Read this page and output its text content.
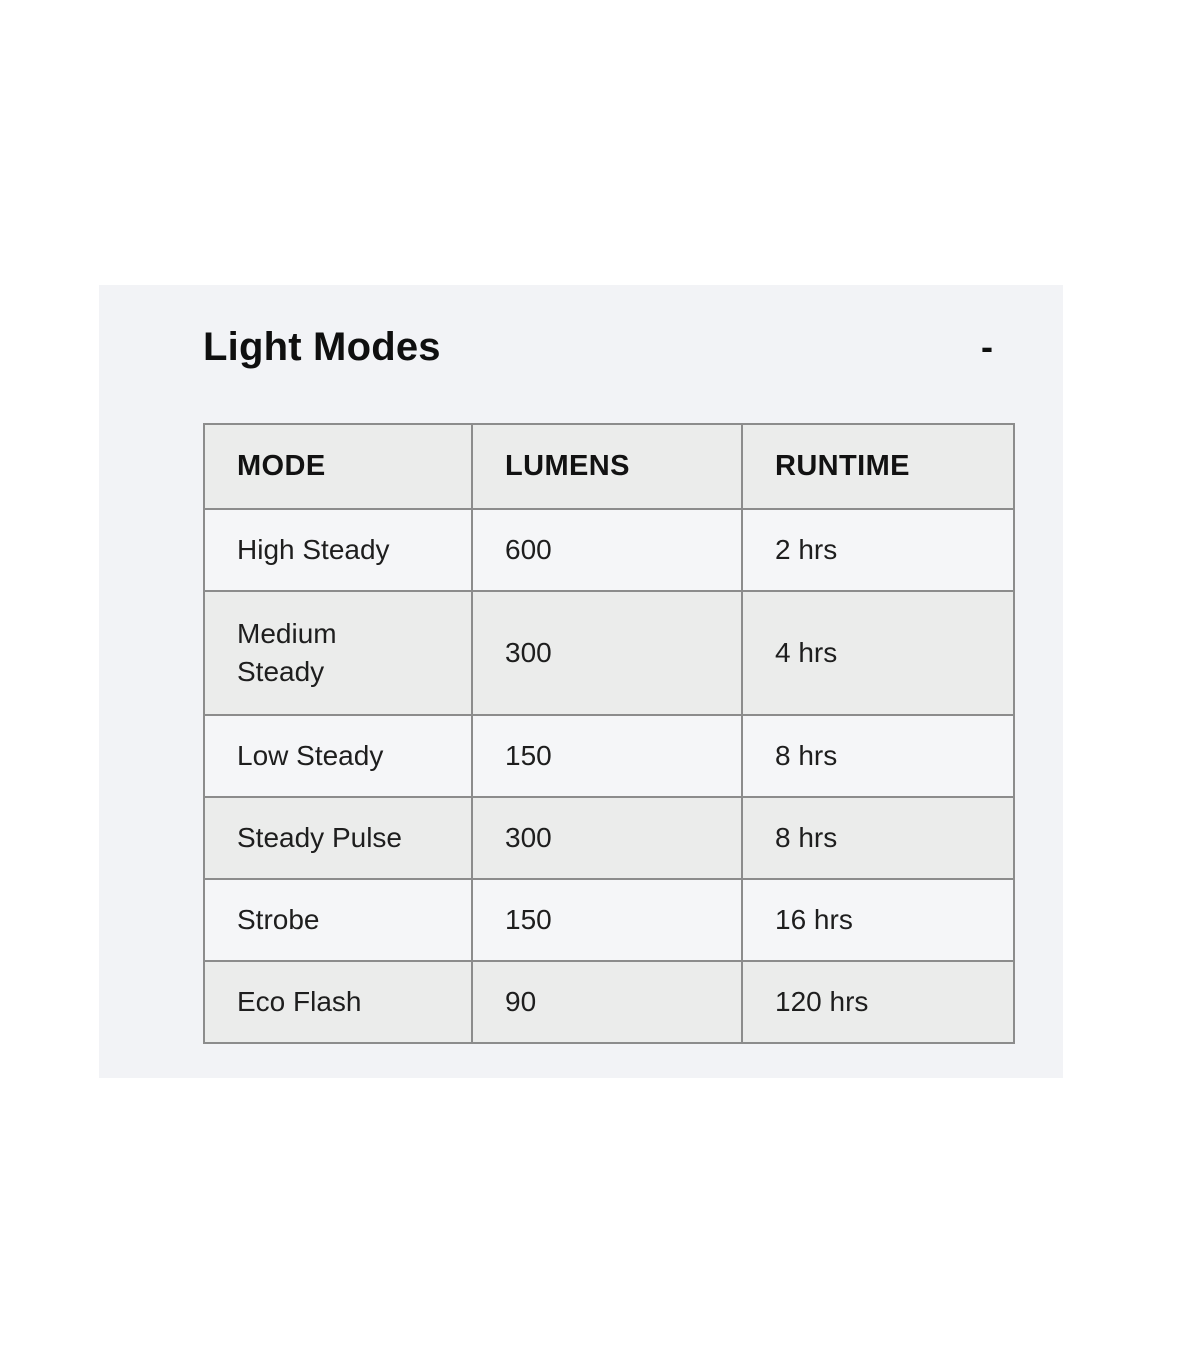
Light Modes	-
MODE	LUMENS	RUNTIME
High Steady	600	2 hrs
Medium Steady	300	4 hrs
Low Steady	150	8 hrs
Steady Pulse	300	8 hrs
Strobe	150	16 hrs
Eco Flash	90	120 hrs
